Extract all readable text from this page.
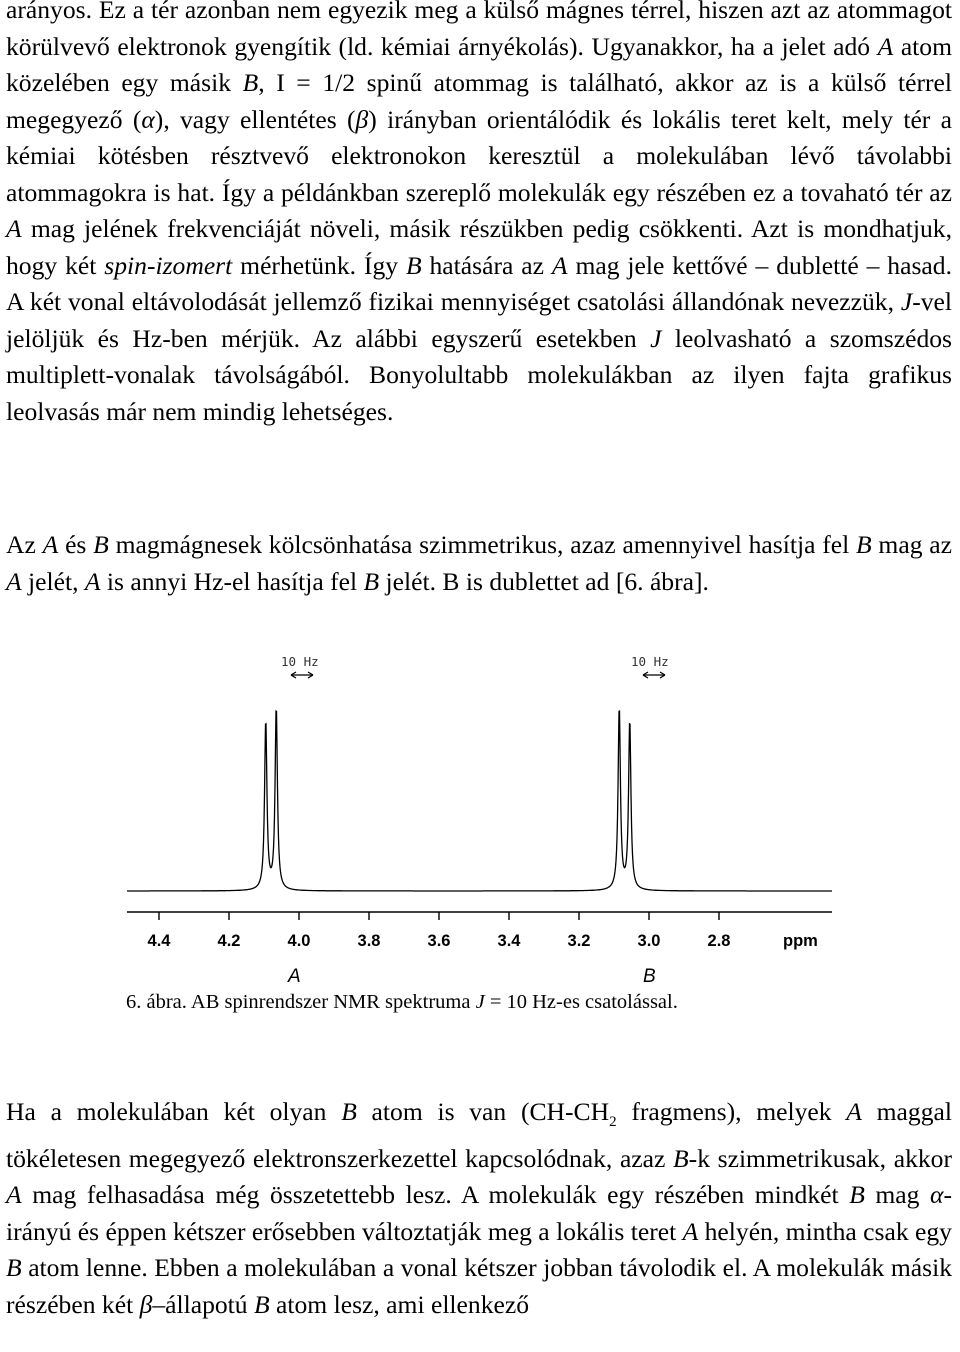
arányos. Ez a tér azonban nem egyezik meg a külső mágnes térrel, hiszen azt az atommagot körülvevő elektronok gyengítik (ld. kémiai árnyékolás). Ugyanakkor, ha a jelet adó A atom közelében egy másik B, I = 1/2 spinű atommag is található, akkor az is a külső térrel megegyező (α), vagy ellentétes (β) irányban orientálódik és lokális teret kelt, mely tér a kémiai kötésben résztvevő elektronokon keresztül a molekulában lévő távolabbi atommagokra is hat. Így a példánkban szereplő molekulák egy részében ez a tovaható tér az A mag jelének frekvenciáját növeli, másik részükben pedig csökkenti. Azt is mondhatjuk, hogy két spin-izomert mérhetünk. Így B hatására az A mag jele kettővé – dubletté – hasad. A két vonal eltávolodását jellemző fizikai mennyiséget csatolási állandónak nevezzük, J-vel jelöljük és Hz-ben mérjük. Az alábbi egyszerű esetekben J leolvasható a szomszédos multiplett-vonalak távolságából. Bonyolultabb molekulákban az ilyen fajta grafikus leolvasás már nem mindig lehetséges.
Az A és B magmágnesek kölcsönhatása szimmetrikus, azaz amennyivel hasítja fel B mag az A jelét, A is annyi Hz-el hasítja fel B jelét. B is dublettet ad [6. ábra].
10 Hz	10 Hz
4.4	4.2	4.0	3.8	3.6	3.4	3.2	3.0	2.8	ppm
A	B
6. ábra. AB spinrendszer NMR spektruma J = 10 Hz-es csatolással.
Ha a molekulában két olyan B atom is van ($CH-CH_2$ fragmens), melyek A maggal tökéletesen megegyező elektronszerkezettel kapcsolódnak, azaz B-k szimmetrikusak, akkor A mag felhasadása még összetettebb lesz. A molekulák egy részében mindkét B mag α-irányú és éppen kétszer erősebben változtatják meg a lokális teret A helyén, mintha csak egy B atom lenne. Ebben a molekulában a vonal kétszer jobban távolodik el. A molekulák másik részében két β–állapotú B atom lesz, ami ellenkező
